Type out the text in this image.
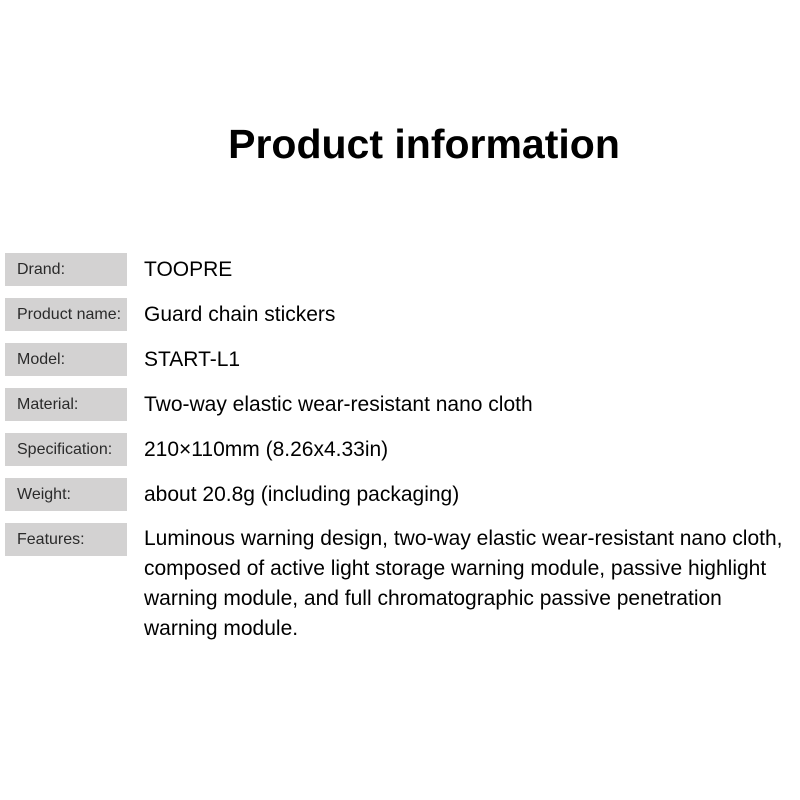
Product information
Drand:	TOOPRE
Product name: Guard chain stickers
Model:	START-L1
Material:	Two-way elastic wear-resistant nano cloth
Specification: 210×110mm (8.26x4.33in)
Weight:	about 20.8g (including packaging)
Features:	Luminous warning design, two-way elastic wear-resistant nano cloth, composed of active light storage warning module, passive highlight warning module, and full chromatographic passive penetration warning module.
